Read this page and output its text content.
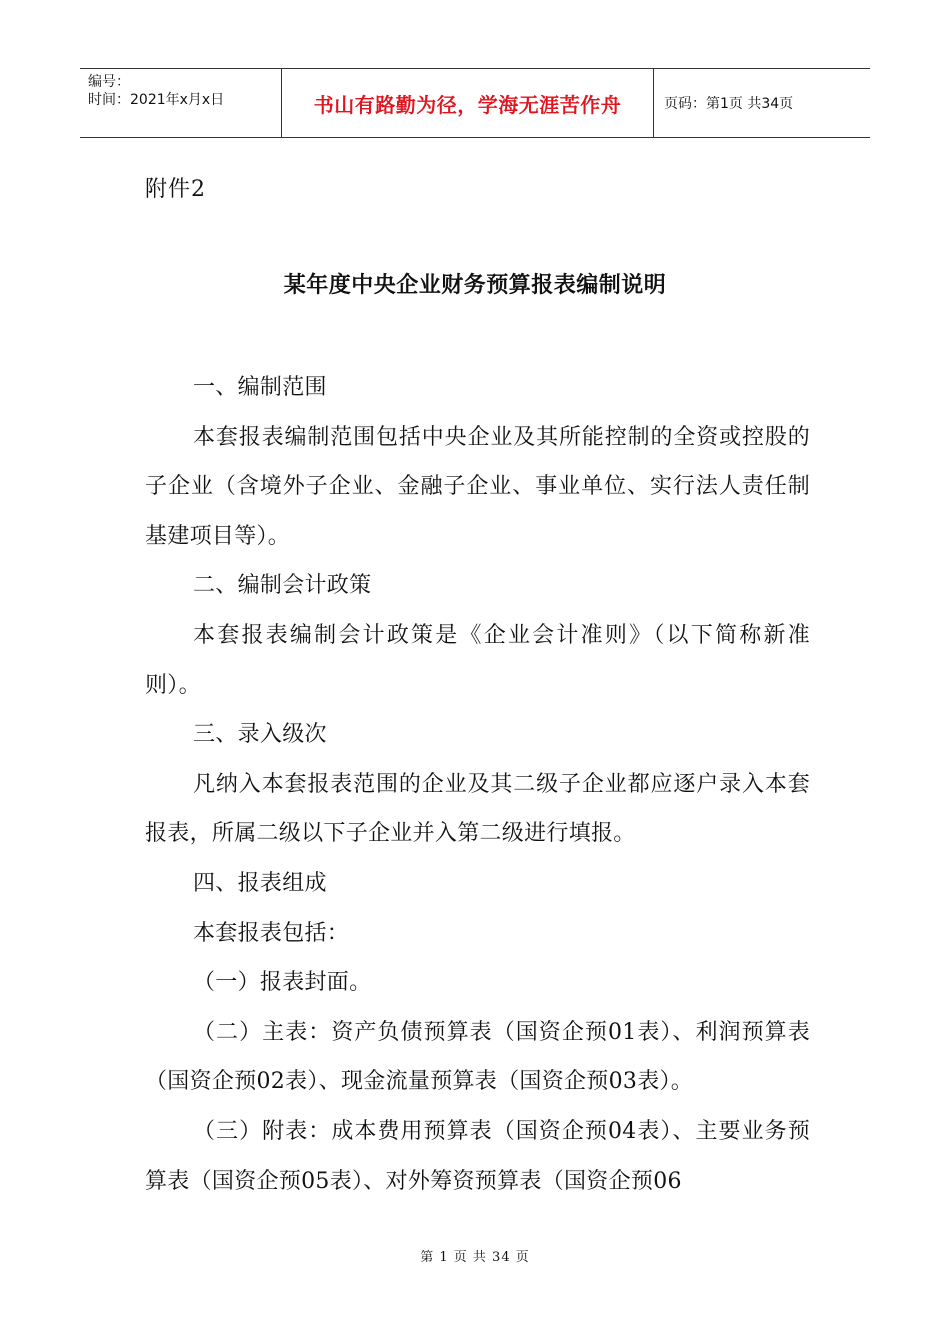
编号：
时间：2021年x月x日	书山有路勤为径，学海无涯苦作舟	页码：第1页 共34页
附件2
某年度中央企业财务预算报表编制说明

一、编制范围

本套报表编制范围包括中央企业及其所能控制的全资或控股的子企业（含境外子企业、金融子企业、事业单位、实行法人责任制基建项目等）。

二、编制会计政策

本套报表编制会计政策是《企业会计准则》（以下简称新准则）。

三、录入级次

凡纳入本套报表范围的企业及其二级子企业都应逐户录入本套报表，所属二级以下子企业并入第二级进行填报。

四、报表组成

本套报表包括：

（一）报表封面。

（二）主表：资产负债预算表（国资企预01表）、利润预算表（国资企预02表）、现金流量预算表（国资企预03表）。

（三）附表：成本费用预算表（国资企预04表）、主要业务预算表（国资企预05表）、对外筹资预算表（国资企预06

第 1 页 共 34 页
